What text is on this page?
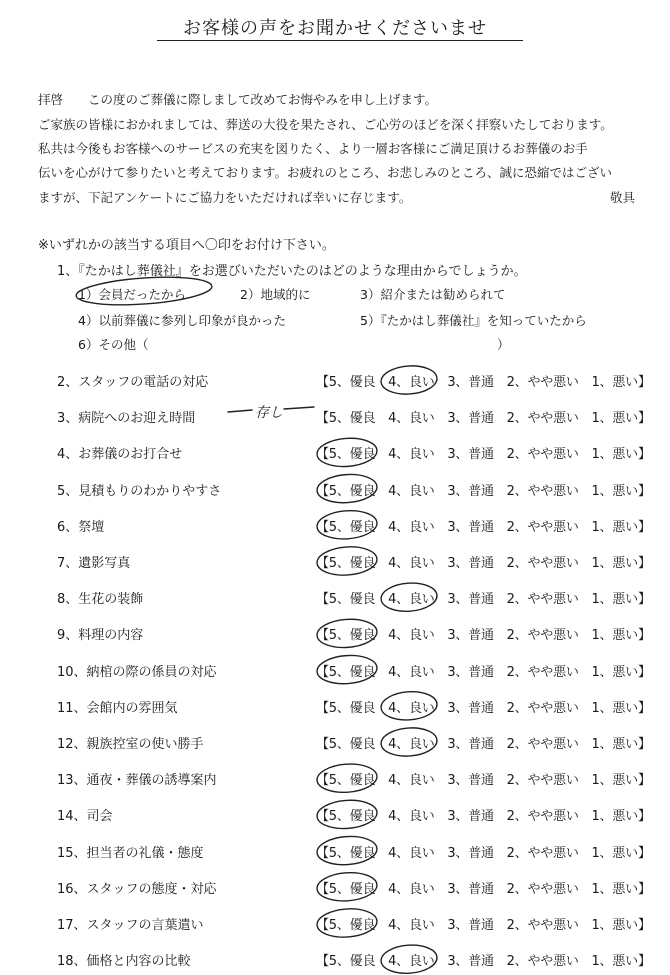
お客様の声をお聞かせくださいませ
拝啓　　この度のご葬儀に際しまして改めてお悔やみを申し上げます。
ご家族の皆様におかれましては、葬送の大役を果たされ、ご心労のほどを深く拝察いたしております。
私共は今後もお客様へのサービスの充実を図りたく、より一層お客様にご満足頂けるお葬儀のお手
伝いを心がけて参りたいと考えております。お疲れのところ、お悲しみのところ、誠に恐縮ではござい
ますが、下記アンケートにご協力をいただければ幸いに存じます。	敬具
※いずれかの該当する項目へ〇印をお付け下さい。
1、『たかはし葬儀社』をお選びいただいたのはどのような理由からでしょうか。
1）会員だったから	2）地域的に	3）紹介または勧められて
4）以前葬儀に参列し印象が良かった	5）『たかはし葬儀社』を知っていたから
6）その他（	）
2、スタッフの電話の対応	【5、優良　4、良い　3、普通　2、やや悪い　1、悪い】
3、病院へのお迎え時間	【5、優良　4、良い　3、普通　2、やや悪い　1、悪い】
4、お葬儀のお打合せ	【5、優良　4、良い　3、普通　2、やや悪い　1、悪い】
5、見積もりのわかりやすさ	【5、優良　4、良い　3、普通　2、やや悪い　1、悪い】
6、祭壇	【5、優良　4、良い　3、普通　2、やや悪い　1、悪い】
7、遺影写真	【5、優良　4、良い　3、普通　2、やや悪い　1、悪い】
8、生花の装飾	【5、優良　4、良い　3、普通　2、やや悪い　1、悪い】
9、料理の内容	【5、優良　4、良い　3、普通　2、やや悪い　1、悪い】
10、納棺の際の係員の対応	【5、優良　4、良い　3、普通　2、やや悪い　1、悪い】
11、会館内の雰囲気	【5、優良　4、良い　3、普通　2、やや悪い　1、悪い】
12、親族控室の使い勝手	【5、優良　4、良い　3、普通　2、やや悪い　1、悪い】
13、通夜・葬儀の誘導案内	【5、優良　4、良い　3、普通　2、やや悪い　1、悪い】
14、司会	【5、優良　4、良い　3、普通　2、やや悪い　1、悪い】
15、担当者の礼儀・態度	【5、優良　4、良い　3、普通　2、やや悪い　1、悪い】
16、スタッフの態度・対応	【5、優良　4、良い　3、普通　2、やや悪い　1、悪い】
17、スタッフの言葉遣い	【5、優良　4、良い　3、普通　2、やや悪い　1、悪い】
18、価格と内容の比較	【5、優良　4、良い　3、普通　2、やや悪い　1、悪い】
存し
